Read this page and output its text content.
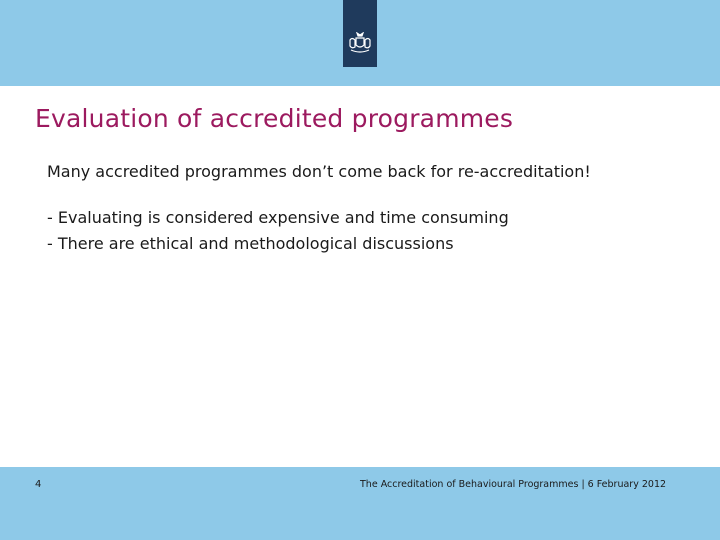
Evaluation of accredited programmes
Many accredited programmes don’t come back for re-accreditation!
- Evaluating is considered expensive and time consuming
- There are ethical and methodological discussions
4	The Accreditation of Behavioural Programmes | 6 February 2012
